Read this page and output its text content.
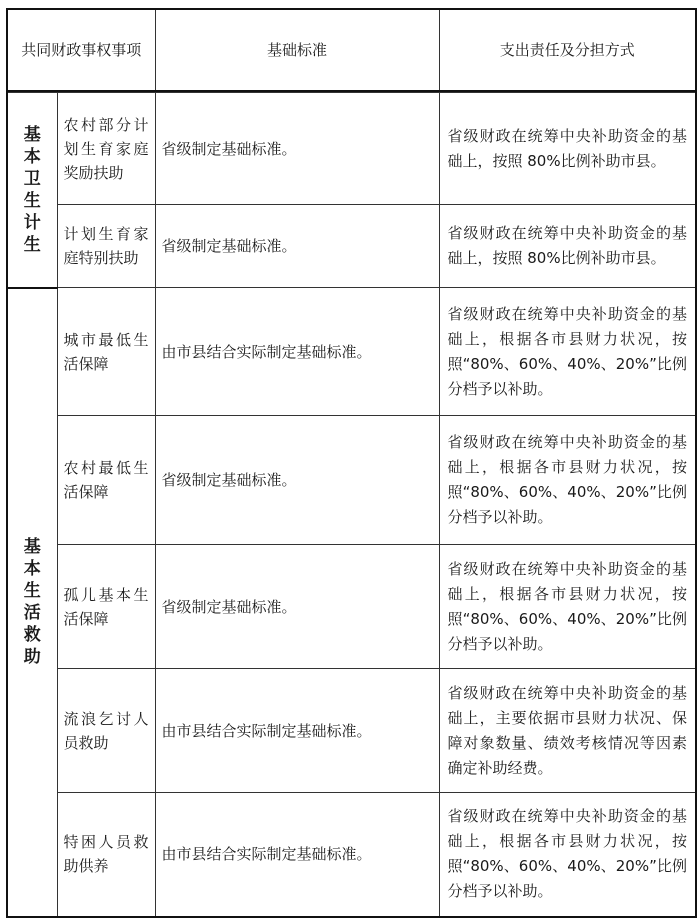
共同财政事权事项	基础标准	支出责任及分担方式
基本卫生计生	农村部分计划生育家庭奖励扶助	省级制定基础标准。	省级财政在统筹中央补助资金的基础上，按照 80%比例补助市县。
	计划生育家庭特别扶助	省级制定基础标准。	省级财政在统筹中央补助资金的基础上，按照 80%比例补助市县。
基本生活救助	城市最低生活保障	由市县结合实际制定基础标准。	省级财政在统筹中央补助资金的基础上，根据各市县财力状况，按照“80%、60%、40%、20%”比例分档予以补助。
	农村最低生活保障	省级制定基础标准。	省级财政在统筹中央补助资金的基础上，根据各市县财力状况，按照“80%、60%、40%、20%”比例分档予以补助。
	孤儿基本生活保障	省级制定基础标准。	省级财政在统筹中央补助资金的基础上，根据各市县财力状况，按照“80%、60%、40%、20%”比例分档予以补助。
	流浪乞讨人员救助	由市县结合实际制定基础标准。	省级财政在统筹中央补助资金的基础上，主要依据市县财力状况、保障对象数量、绩效考核情况等因素确定补助经费。
	特困人员救助供养	由市县结合实际制定基础标准。	省级财政在统筹中央补助资金的基础上，根据各市县财力状况，按照“80%、60%、40%、20%”比例分档予以补助。
